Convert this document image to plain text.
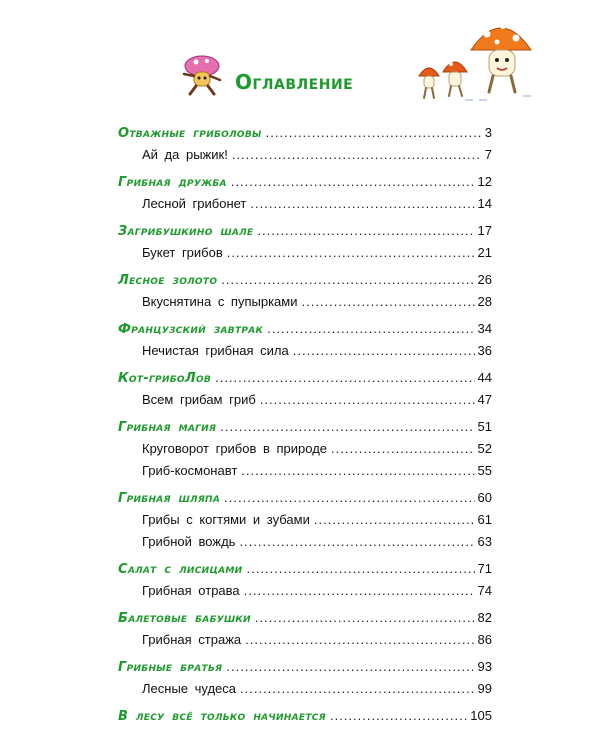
Оглавление
Отважные гриболовы .....	3
Ай да рыжик! .....	7
Грибная дружба .....	12
Лесной грибонет .....	14
Загрибушкино шале .....	17
Букет грибов .....	21
Лесное золото .....	26
Вкуснятина с пупырками .....	28
Французский завтрак .....	34
Нечистая грибная сила .....	36
Кот-грибоЛов .....	44
Всем грибам гриб .....	47
Грибная магия .....	51
Круговорот грибов в природе .....	52
Гриб-космонавт .....	55
Грибная шляпа .....	60
Грибы с когтями и зубами .....	61
Грибной вождь .....	63
Салат с лисицами .....	71
Грибная отрава .....	74
Балетовые бабушки .....	82
Грибная стража .....	86
Грибные братья .....	93
Лесные чудеса .....	99
В лесу всё только начинается .....	105
